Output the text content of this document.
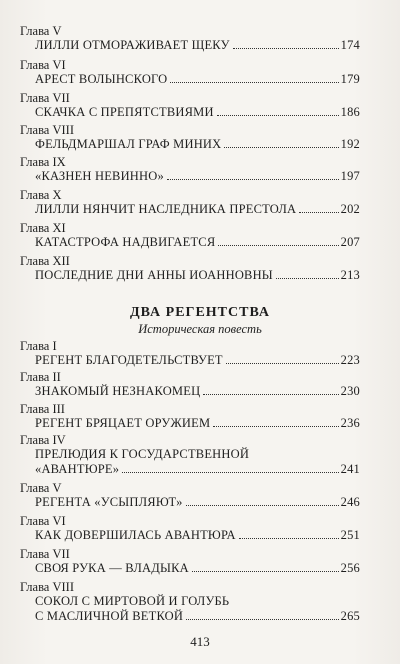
Глава V
ЛИЛЛИ ОТМОРАЖИВАЕТ ЩЕКУ	174
Глава VI
АРЕСТ ВОЛЫНСКОГО	179
Глава VII
СКАЧКА С ПРЕПЯТСТВИЯМИ	186
Глава VIII
ФЕЛЬДМАРШАЛ ГРАФ МИНИХ	192
Глава IX
«КАЗНЕН НЕВИННО»	197
Глава X
ЛИЛЛИ НЯНЧИТ НАСЛЕДНИКА ПРЕСТОЛА	202
Глава XI
КАТАСТРОФА НАДВИГАЕТСЯ	207
Глава XII
ПОСЛЕДНИЕ ДНИ АННЫ ИОАННОВНЫ	213
ДВА РЕГЕНТСТВА
Историческая повесть
Глава I
РЕГЕНТ БЛАГОДЕТЕЛЬСТВУЕТ	223
Глава II
ЗНАКОМЫЙ НЕЗНАКОМЕЦ	230
Глава III
РЕГЕНТ БРЯЦАЕТ ОРУЖИЕМ	236
Глава IV
ПРЕЛЮДИЯ К ГОСУДАРСТВЕННОЙ
«АВАНТЮРЕ»	241
Глава V
РЕГЕНТА «УСЫПЛЯЮТ»	246
Глава VI
КАК ДОВЕРШИЛАСЬ АВАНТЮРА	251
Глава VII
СВОЯ РУКА — ВЛАДЫКА	256
Глава VIII
СОКОЛ С МИРТОВОЙ И ГОЛУБЬ
С МАСЛИЧНОЙ ВЕТКОЙ	265
413
